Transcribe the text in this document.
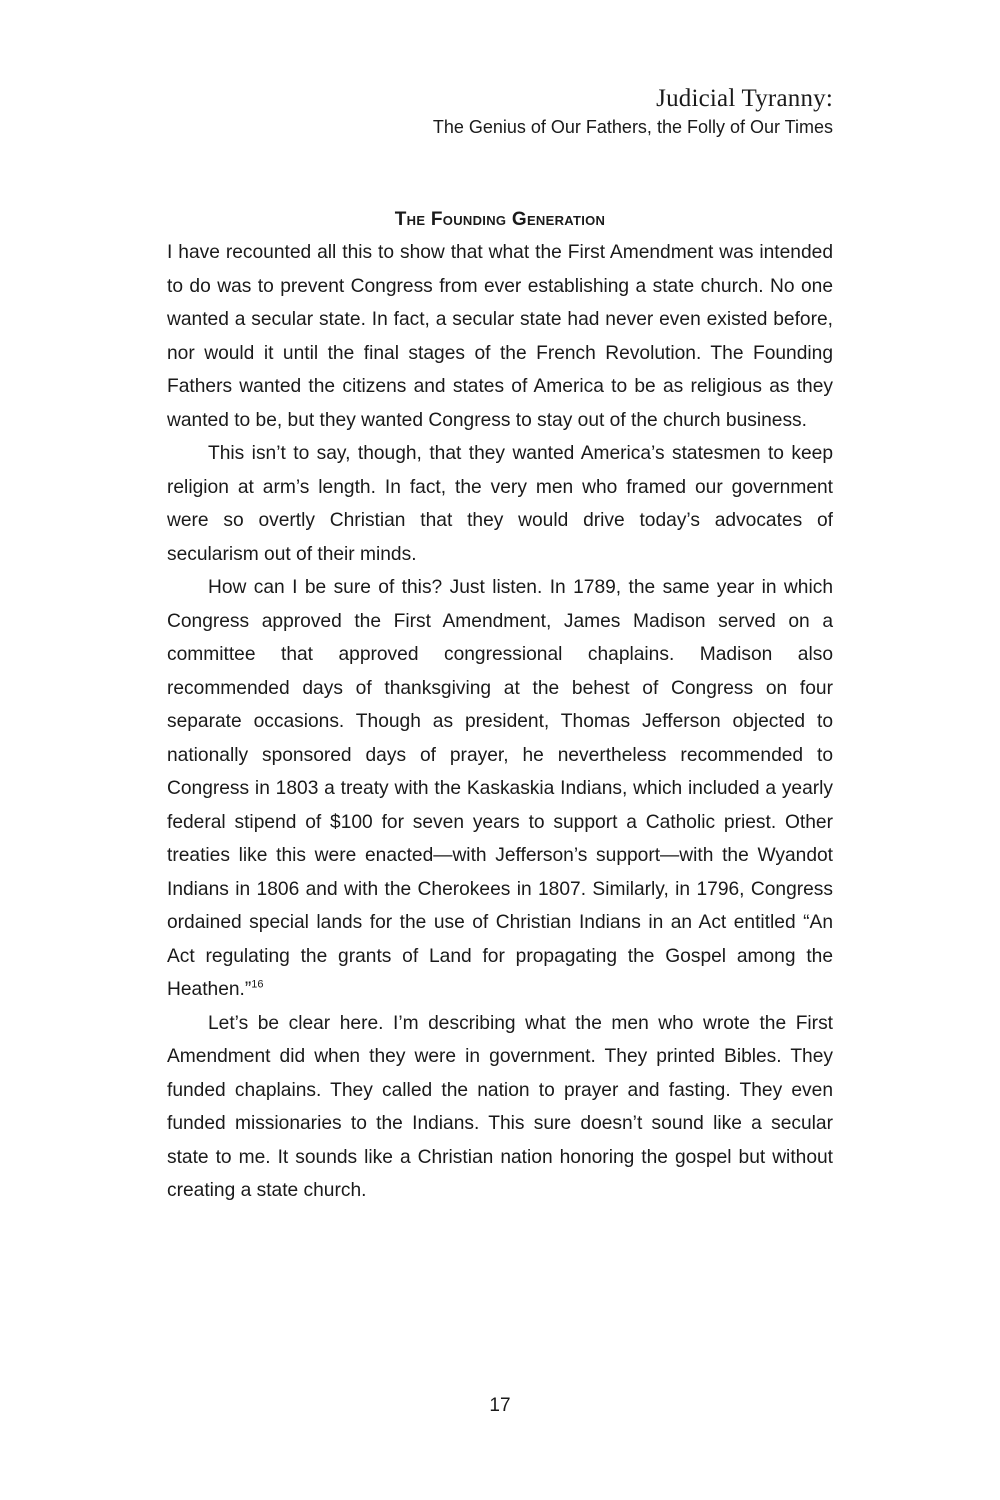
Judicial Tyranny:
The Genius of Our Fathers, the Folly of Our Times
The Founding Generation

I have recounted all this to show that what the First Amendment was intended to do was to prevent Congress from ever establishing a state church. No one wanted a secular state. In fact, a secular state had never even existed before, nor would it until the final stages of the French Revolution. The Founding Fathers wanted the citizens and states of America to be as religious as they wanted to be, but they wanted Congress to stay out of the church business.

This isn’t to say, though, that they wanted America’s statesmen to keep religion at arm’s length. In fact, the very men who framed our government were so overtly Christian that they would drive today’s advocates of secularism out of their minds.

How can I be sure of this? Just listen. In 1789, the same year in which Congress approved the First Amendment, James Madison served on a committee that approved congressional chaplains. Madison also recommended days of thanksgiving at the behest of Congress on four separate occasions. Though as president, Thomas Jefferson objected to nationally sponsored days of prayer, he nevertheless recommended to Congress in 1803 a treaty with the Kaskaskia Indians, which included a yearly federal stipend of $100 for seven years to support a Catholic priest. Other treaties like this were enacted—with Jefferson’s support—with the Wyandot Indians in 1806 and with the Cherokees in 1807. Similarly, in 1796, Congress ordained special lands for the use of Christian Indians in an Act entitled “An Act regulating the grants of Land for propagating the Gospel among the Heathen.”$^{16}$

Let’s be clear here. I’m describing what the men who wrote the First Amendment did when they were in government. They printed Bibles. They funded chaplains. They called the nation to prayer and fasting. They even funded missionaries to the Indians. This sure doesn’t sound like a secular state to me. It sounds like a Christian nation honoring the gospel but without creating a state church.

17
